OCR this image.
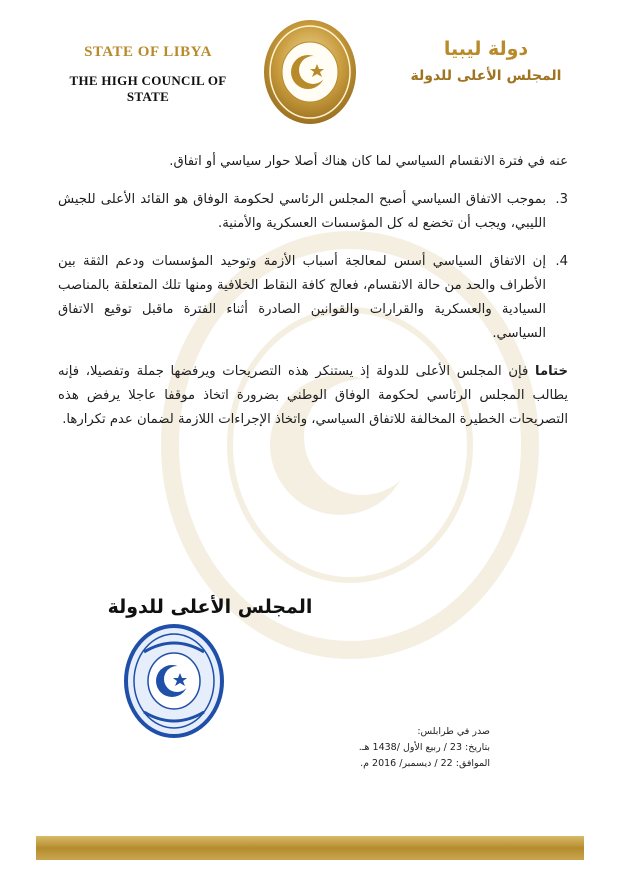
STATE OF LIBYA
THE HIGH COUNCIL OF STATE
دولة ليبيا
المجلس الأعلى للدولة

عنه في فترة الانقسام السياسي لما كان هناك أصلا حوار سياسي أو اتفاق.

3.
بموجب الاتفاق السياسي أصبح المجلس الرئاسي لحكومة الوفاق هو القائد الأعلى للجيش الليبي، ويجب أن تخضع له كل المؤسسات العسكرية والأمنية.
4.
إن الاتفاق السياسي أسس لمعالجة أسباب الأزمة وتوحيد المؤسسات ودعم الثقة بين الأطراف والحد من حالة الانقسام، فعالج كافة النقاط الخلافية ومنها تلك المتعلقة بالمناصب السيادية والعسكرية والقرارات والقوانين الصادرة أثناء الفترة ماقبل توقيع الاتفاق السياسي.

ختاما فإن المجلس الأعلى للدولة إذ يستنكر هذه التصريحات ويرفضها جملة وتفصيلا، فإنه يطالب المجلس الرئاسي لحكومة الوفاق الوطني بضرورة اتخاذ موقفا عاجلا يرفض هذه التصريحات الخطيرة المخالفة للاتفاق السياسي، واتخاذ الإجراءات اللازمة لضمان عدم تكرارها.

المجلس الأعلى للدولة
صدر في طرابلس:
بتاريخ: 23 / ربيع الأول /1438 هـ.
الموافق: 22 / ديسمبر/ 2016 م.
